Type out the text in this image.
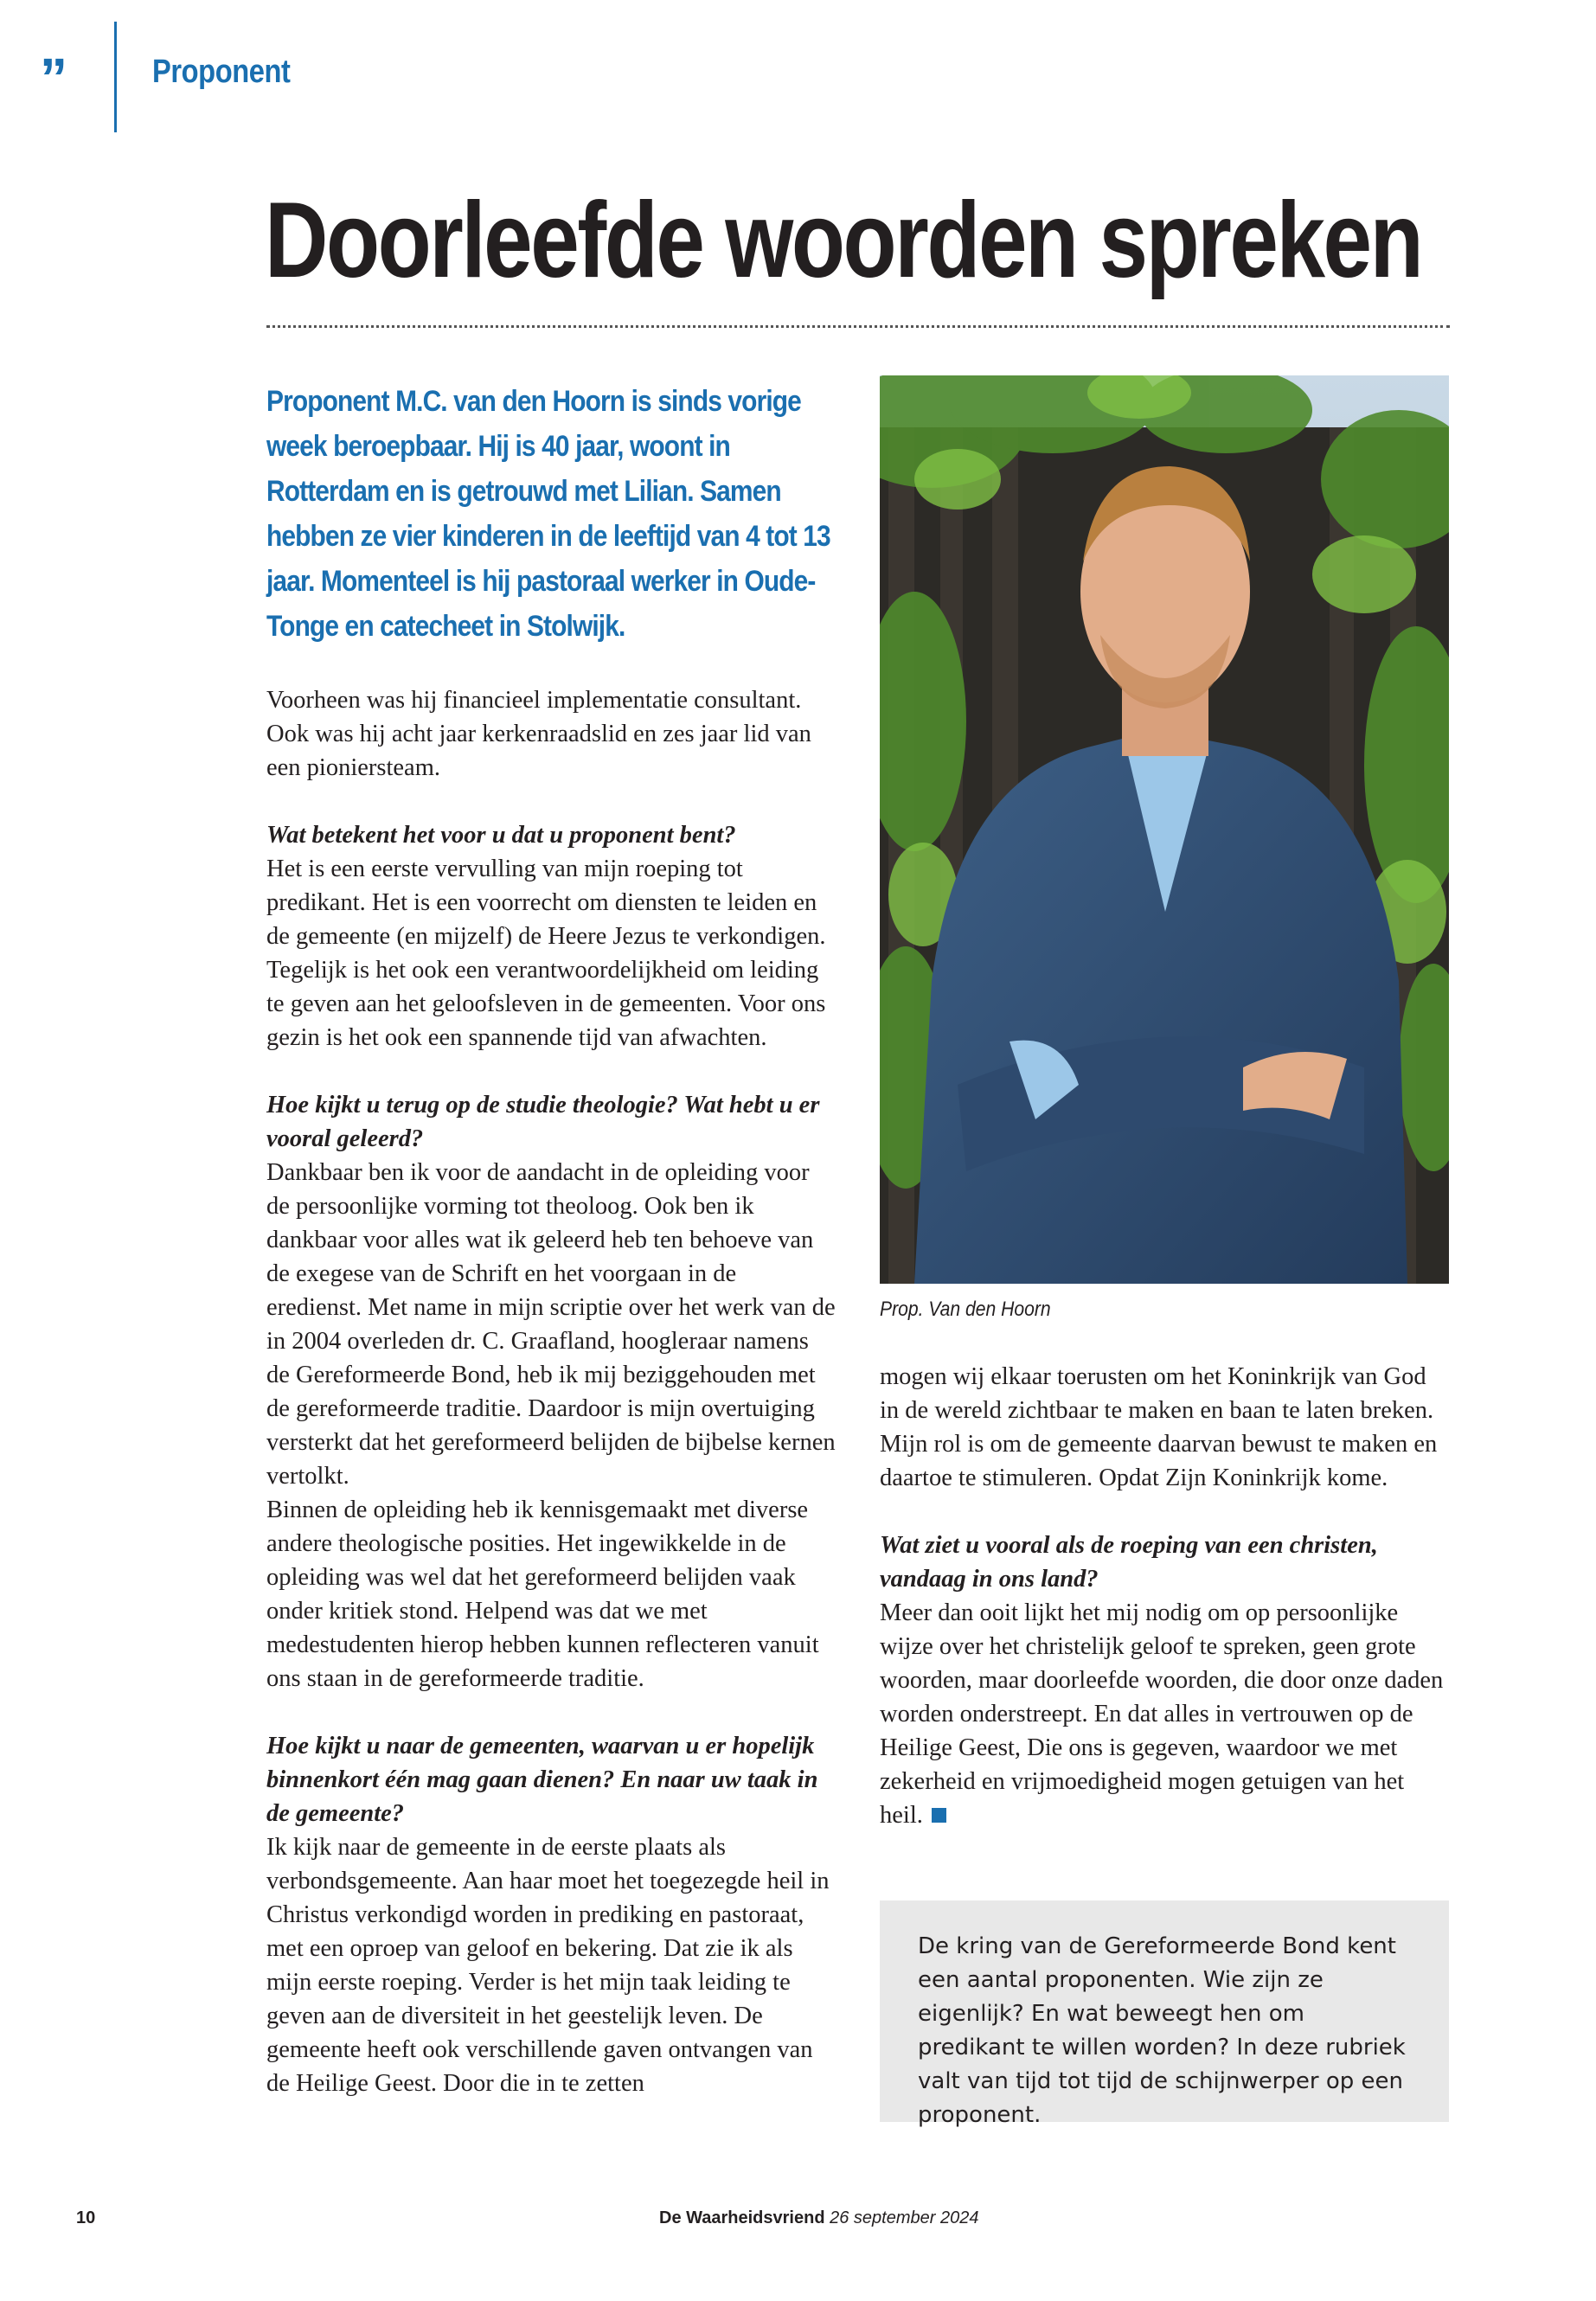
”	Proponent
Doorleefde woorden spreken
Proponent M.C. van den Hoorn is sinds vorige week beroepbaar. Hij is 40 jaar, woont in Rotterdam en is getrouwd met Lilian. Samen hebben ze vier kinderen in de leeftijd van 4 tot 13 jaar. Momenteel is hij pastoraal werker in Oude-Tonge en catecheet in Stolwijk.

Voorheen was hij financieel implementatie consultant. Ook was hij acht jaar kerkenraadslid en zes jaar lid van een pioniersteam.

Wat betekent het voor u dat u proponent bent?
Het is een eerste vervulling van mijn roeping tot predikant. Het is een voorrecht om diensten te leiden en de gemeente (en mijzelf) de Heere Jezus te verkondigen. Tegelijk is het ook een verantwoordelijkheid om leiding te geven aan het geloofsleven in de gemeenten. Voor ons gezin is het ook een spannende tijd van afwachten.

Hoe kijkt u terug op de studie theologie? Wat hebt u er vooral geleerd?
Dankbaar ben ik voor de aandacht in de opleiding voor de persoonlijke vorming tot theoloog. Ook ben ik dankbaar voor alles wat ik geleerd heb ten behoeve van de exegese van de Schrift en het voorgaan in de eredienst. Met name in mijn scriptie over het werk van de in 2004 overleden dr. C. Graafland, hoogleraar namens de Gereformeerde Bond, heb ik mij beziggehouden met de gereformeerde traditie. Daardoor is mijn overtuiging versterkt dat het gereformeerd belijden de bijbelse kernen vertolkt.
Binnen de opleiding heb ik kennisgemaakt met diverse andere theologische posities. Het ingewikkelde in de opleiding was wel dat het gereformeerd belijden vaak onder kritiek stond. Helpend was dat we met medestudenten hierop hebben kunnen reflecteren vanuit ons staan in de gereformeerde traditie.

Hoe kijkt u naar de gemeenten, waarvan u er hopelijk binnenkort één mag gaan dienen? En naar uw taak in de gemeente?
Ik kijk naar de gemeente in de eerste plaats als verbondsgemeente. Aan haar moet het toegezegde heil in Christus verkondigd worden in prediking en pastoraat, met een oproep van geloof en bekering. Dat zie ik als mijn eerste roeping. Verder is het mijn taak leiding te geven aan de diversiteit in het geestelijk leven. De gemeente heeft ook verschillende gaven ontvangen van de Heilige Geest. Door die in te zetten

Prop. Van den Hoorn

mogen wij elkaar toerusten om het Koninkrijk van God in de wereld zichtbaar te maken en baan te laten breken. Mijn rol is om de gemeente daarvan bewust te maken en daartoe te stimuleren. Opdat Zijn Koninkrijk kome.

Wat ziet u vooral als de roeping van een christen, vandaag in ons land?
Meer dan ooit lijkt het mij nodig om op persoonlijke wijze over het christelijk geloof te spreken, geen grote woorden, maar doorleefde woorden, die door onze daden worden onderstreept. En dat alles in vertrouwen op de Heilige Geest, Die ons is gegeven, waardoor we met zekerheid en vrijmoedigheid mogen getuigen van het heil.

De kring van de Gereformeerde Bond kent een aantal proponenten. Wie zijn ze eigenlijk? En wat beweegt hen om predikant te willen worden? In deze rubriek valt van tijd tot tijd de schijnwerper op een proponent.
10	De Waarheidsvriend 26 september 2024
